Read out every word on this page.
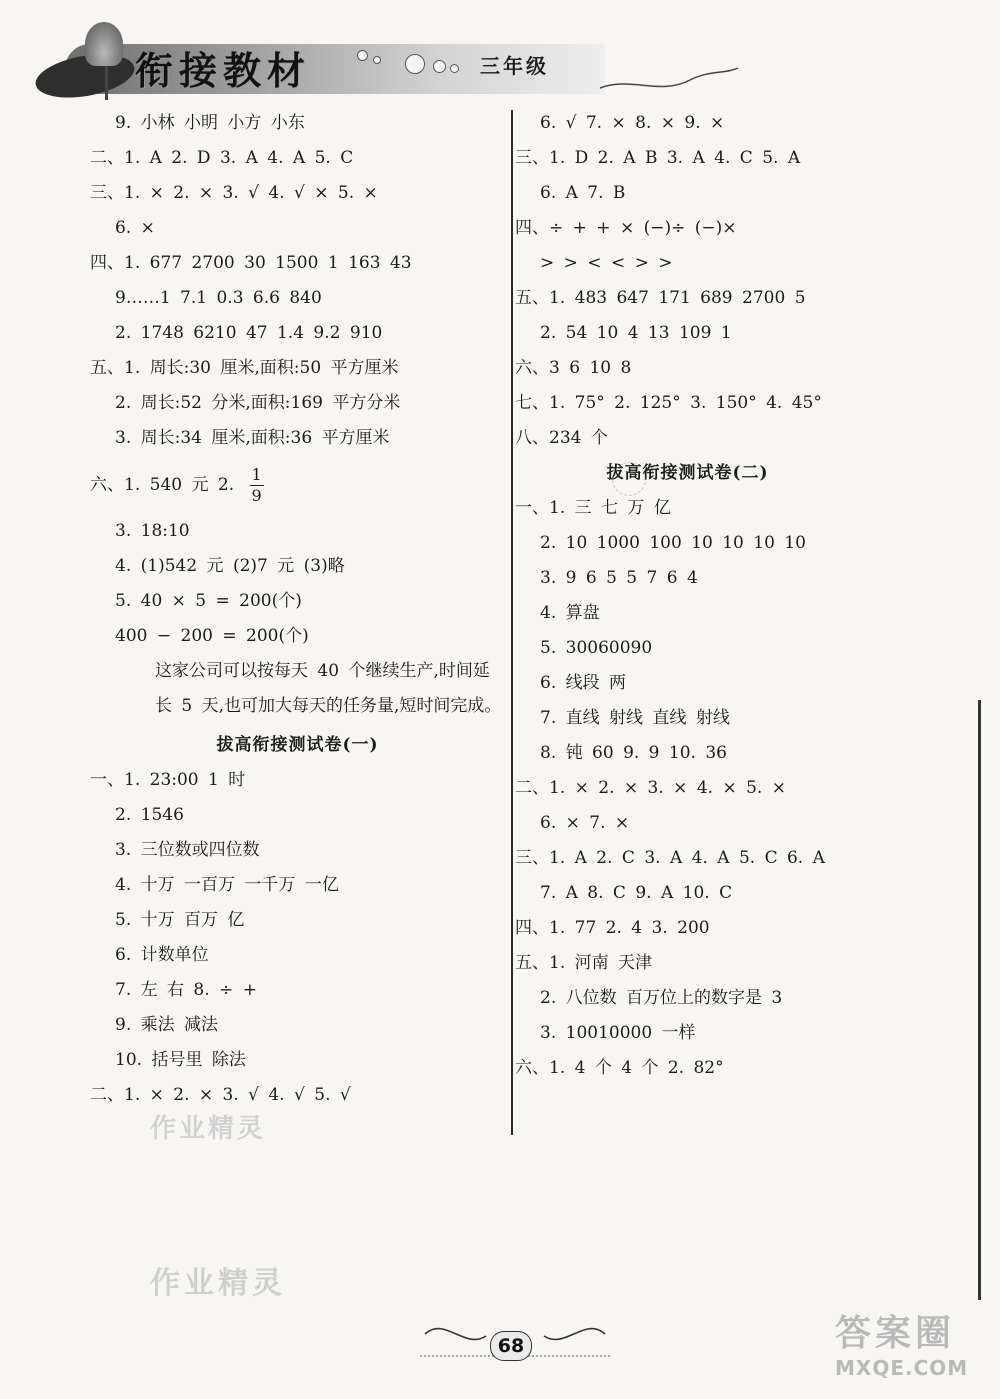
衔接教材	三年级
9. 小林 小明 小方 小东
二、1. A 2. D 3. A 4. A 5. C
三、1. × 2. × 3. √ 4. √ × 5. ×
6. ×
四、1. 677 2700 30 1500 1 163 43
9……1 7.1 0.3 6.6 840
2. 1748 6210 47 1.4 9.2 910
五、1. 周长:30 厘米,面积:50 平方厘米
2. 周长:52 分米,面积:169 平方分米
3. 周长:34 厘米,面积:36 平方厘米
六、1. 540 元 2. $\frac{1}{9}$
3. 18:10
4. (1)542 元 (2)7 元 (3)略
5. 40 × 5 = 200(个)
400 − 200 = 200(个)
这家公司可以按每天 40 个继续生产,时间延长 5 天,也可加大每天的任务量,短时间完成。
拔高衔接测试卷(一)
一、1. 23:00 1 时
2. 1546
3. 三位数或四位数
4. 十万 一百万 一千万 一亿
5. 十万 百万 亿
6. 计数单位
7. 左 右 8. ÷ +
9. 乘法 减法
10. 括号里 除法
二、1. × 2. × 3. √ 4. √ 5. √
6. √ 7. × 8. × 9. ×
三、1. D 2. A B 3. A 4. C 5. A
6. A 7. B
四、÷ + + × (−)÷ (−)×
> > < < > >
五、1. 483 647 171 689 2700 5
2. 54 10 4 13 109 1
六、3 6 10 8
七、1. 75° 2. 125° 3. 150° 4. 45°
八、234 个
拔高衔接测试卷(二)
一、1. 三 七 万 亿
2. 10 1000 100 10 10 10 10
3. 9 6 5 5 7 6 4
4. 算盘
5. 30060090
6. 线段 两
7. 直线 射线 直线 射线
8. 钝 60 9. 9 10. 36
二、1. × 2. × 3. × 4. × 5. ×
6. × 7. ×
三、1. A 2. C 3. A 4. A 5. C 6. A
7. A 8. C 9. A 10. C
四、1. 77 2. 4 3. 200
五、1. 河南 天津
2. 八位数 百万位上的数字是 3
3. 10010000 一样
六、1. 4 个 4 个 2. 82°
作业精灵
作业精灵
68	答案圈
MXQE.COM
